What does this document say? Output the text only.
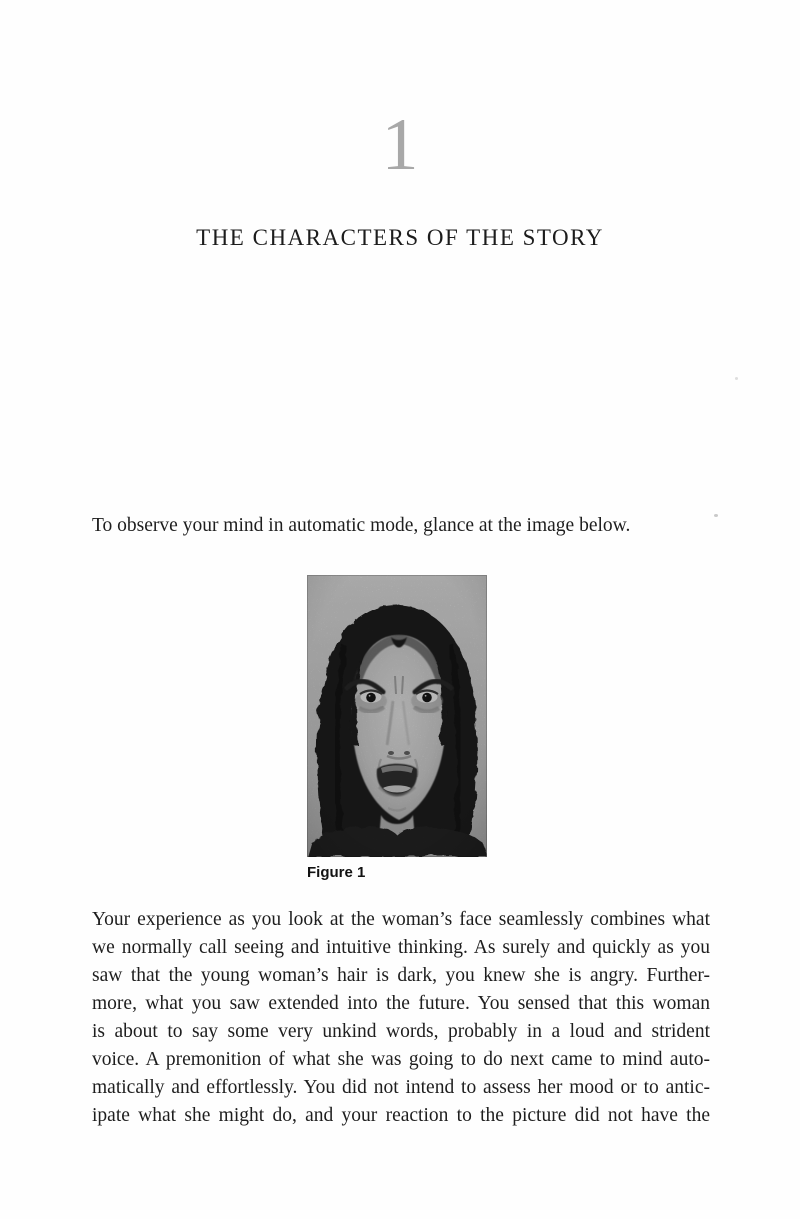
1
THE CHARACTERS OF THE STORY

To observe your mind in automatic mode, glance at the image below.

Figure 1
Your experience as you look at the woman’s face seamlessly combines what
we normally call seeing and intuitive thinking. As surely and quickly as you
saw that the young woman’s hair is dark, you knew she is angry. Further-
more, what you saw extended into the future. You sensed that this woman
is about to say some very unkind words, probably in a loud and strident
voice. A premonition of what she was going to do next came to mind auto-
matically and effortlessly. You did not intend to assess her mood or to antic-
ipate what she might do, and your reaction to the picture did not have the
